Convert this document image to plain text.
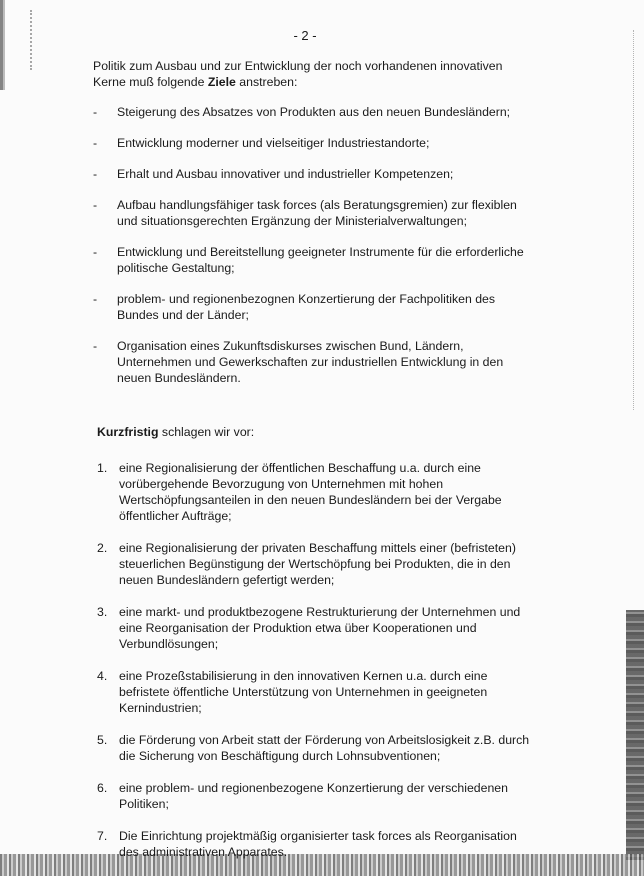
- 2 -

Politik zum Ausbau und zur Entwicklung der noch vorhandenen innovativen Kerne muß folgende Ziele anstreben:

- Steigerung des Absatzes von Produkten aus den neuen Bundesländern;
- Entwicklung moderner und vielseitiger Industriestandorte;
- Erhalt und Ausbau innovativer und industrieller Kompetenzen;
- Aufbau handlungsfähiger task forces (als Beratungsgremien) zur flexiblen und situationsgerechten Ergänzung der Ministerialverwaltungen;
- Entwicklung und Bereitstellung geeigneter Instrumente für die erforderliche politische Gestaltung;
- problem- und regionenbezognen Konzertierung der Fachpolitiken des Bundes und der Länder;
- Organisation eines Zukunftsdiskurses zwischen Bund, Ländern, Unternehmen und Gewerkschaften zur industriellen Entwicklung in den neuen Bundesländern.

Kurzfristig schlagen wir vor:

1. eine Regionalisierung der öffentlichen Beschaffung u.a. durch eine vorübergehende Bevorzugung von Unternehmen mit hohen Wertschöpfungsanteilen in den neuen Bundesländern bei der Vergabe öffentlicher Aufträge;
2. eine Regionalisierung der privaten Beschaffung mittels einer (befristeten) steuerlichen Begünstigung der Wertschöpfung bei Produkten, die in den neuen Bundesländern gefertigt werden;
3. eine markt- und produktbezogene Restrukturierung der Unternehmen und eine Reorganisation der Produktion etwa über Kooperationen und Verbundlösungen;
4. eine Prozeßstabilisierung in den innovativen Kernen u.a. durch eine befristete öffentliche Unterstützung von Unternehmen in geeigneten Kernindustrien;
5. die Förderung von Arbeit statt der Förderung von Arbeitslosigkeit z.B. durch die Sicherung von Beschäftigung durch Lohnsubventionen;
6. eine problem- und regionenbezogene Konzertierung der verschiedenen Politiken;
7. Die Einrichtung projektmäßig organisierter task forces als Reorganisation des administrativen Apparates.
